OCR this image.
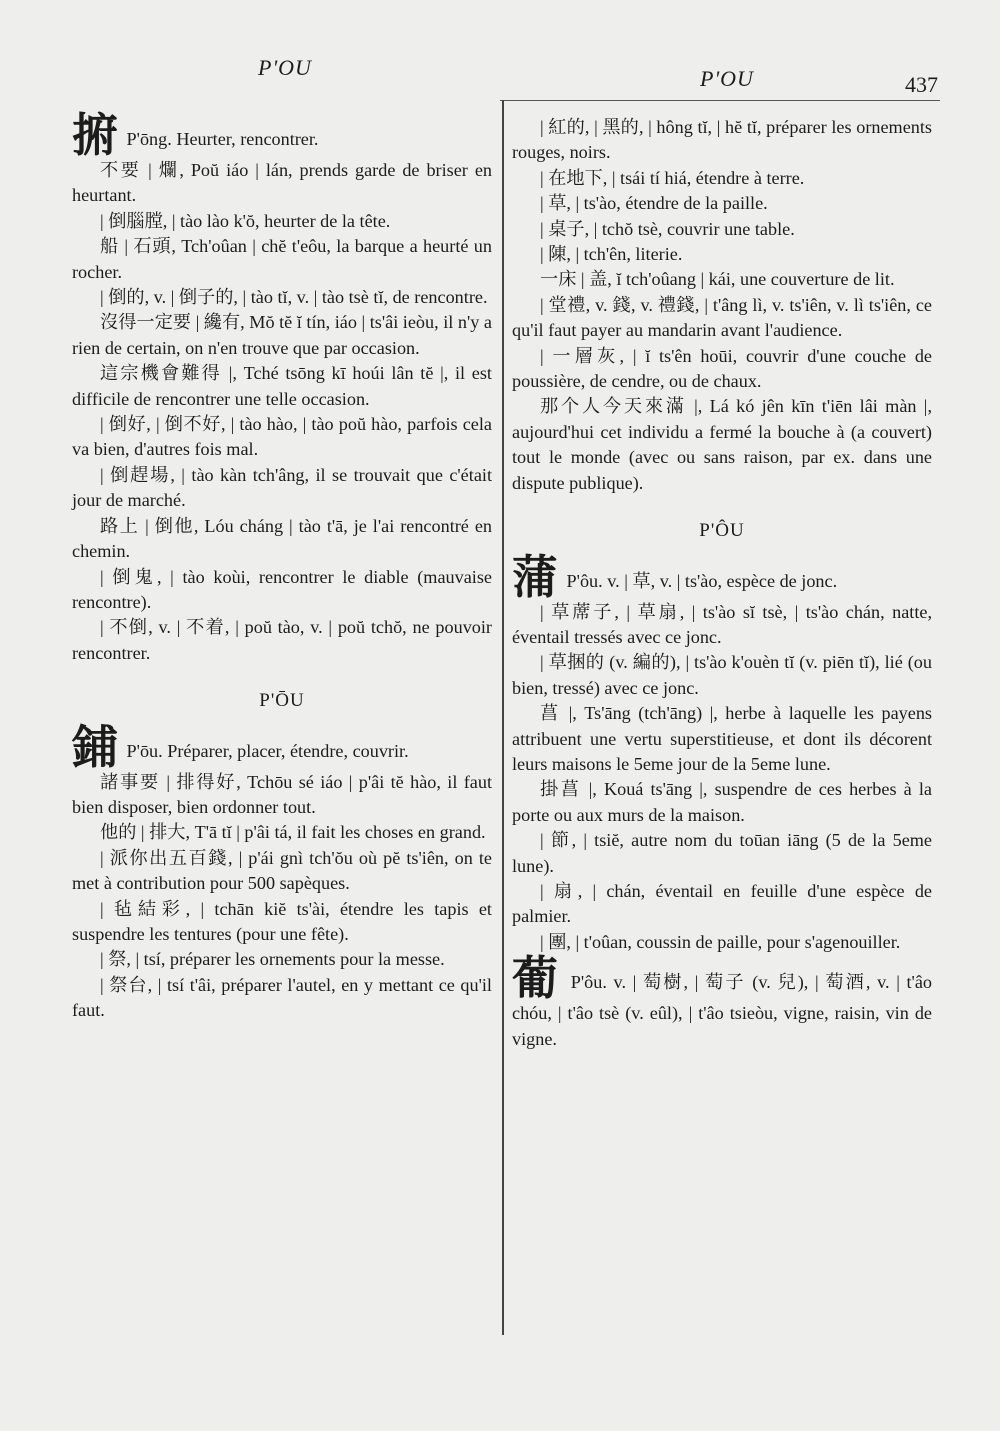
P'OU	P'OU	437

捬 P'ōng. Heurter, rencontrer.

不要 | 爛, Poŭ iáo | lán, prends garde de briser en heurtant.

| 倒腦膛, | tào lào k'ŏ, heurter de la tête.

船 | 石頭, Tch'oûan | chĕ t'eôu, la barque a heurté un rocher.

| 倒的, v. | 倒子的, | tào tĭ, v. | tào tsè tĭ, de rencontre.

沒得一定要 | 纔有, Mŏ tĕ ĭ tín, iáo | ts'âi ieòu, il n'y a rien de certain, on n'en trouve que par occasion.

這宗機會難得 |, Tché tsōng kī hoúi lân tĕ |, il est difficile de rencontrer une telle occasion.

| 倒好, | 倒不好, | tào hào, | tào poŭ hào, parfois cela va bien, d'autres fois mal.

| 倒趕場, | tào kàn tch'âng, il se trouvait que c'était jour de marché.

路上 | 倒他, Lóu cháng | tào t'ā, je l'ai rencontré en chemin.

| 倒鬼, | tào koùi, rencontrer le diable (mauvaise rencontre).

| 不倒, v. | 不着, | poŭ tào, v. | poŭ tchŏ, ne pouvoir rencontrer.

P'ŌU

鋪 P'ōu. Préparer, placer, étendre, couvrir.

諸事要 | 排得好, Tchōu sé iáo | p'âi tĕ hào, il faut bien disposer, bien ordonner tout.

他的 | 排大, T'ā tĭ | p'âi tá, il fait les choses en grand.

| 派你出五百錢, | p'ái gnì tch'ŏu où pĕ ts'iên, on te met à contribution pour 500 sapèques.

| 毡結彩, | tchān kiĕ ts'ài, étendre les tapis et suspendre les tentures (pour une fête).

| 祭, | tsí, préparer les ornements pour la messe.

| 祭台, | tsí t'âi, préparer l'autel, en y mettant ce qu'il faut.

| 紅的, | 黑的, | hông tĭ, | hĕ tĭ, préparer les ornements rouges, noirs.

| 在地下, | tsái tí hiá, étendre à terre.

| 草, | ts'ào, étendre de la paille.

| 桌子, | tchŏ tsè, couvrir une table.

| 陳, | tch'ên, literie.

一床 | 盖, ĭ tch'oûang | kái, une couverture de lit.

| 堂禮, v. 錢, v. 禮錢, | t'âng lì, v. ts'iên, v. lì ts'iên, ce qu'il faut payer au mandarin avant l'audience.

| 一層灰, | ĭ ts'ên hoūi, couvrir d'une couche de poussière, de cendre, ou de chaux.

那个人今天來滿 |, Lá kó jên kīn t'iēn lâi màn |, aujourd'hui cet individu a fermé la bouche à (a couvert) tout le monde (avec ou sans raison, par ex. dans une dispute publique).

P'ÔU

蒲 P'ôu. v. | 草, v. | ts'ào, espèce de jonc.

| 草蓆子, | 草扇, | ts'ào sĭ tsè, | ts'ào chán, natte, éventail tressés avec ce jonc.

| 草捆的 (v. 編的), | ts'ào k'ouèn tĭ (v. piēn tĭ), lié (ou bien, tressé) avec ce jonc.

菖 |, Ts'āng (tch'āng) |, herbe à laquelle les payens attribuent une vertu superstitieuse, et dont ils décorent leurs maisons le 5eme jour de la 5eme lune.

掛菖 |, Kouá ts'āng |, suspendre de ces herbes à la porte ou aux murs de la maison.

| 節, | tsiĕ, autre nom du toūan iāng (5 de la 5eme lune).

| 扇, | chán, éventail en feuille d'une espèce de palmier.

| 團, | t'oûan, coussin de paille, pour s'agenouiller.

葡 P'ôu. v. | 萄樹, | 萄子 (v. 兒), | 萄酒, v. | t'âo chóu, | t'âo tsè (v. eûl), | t'âo tsieòu, vigne, raisin, vin de vigne.
